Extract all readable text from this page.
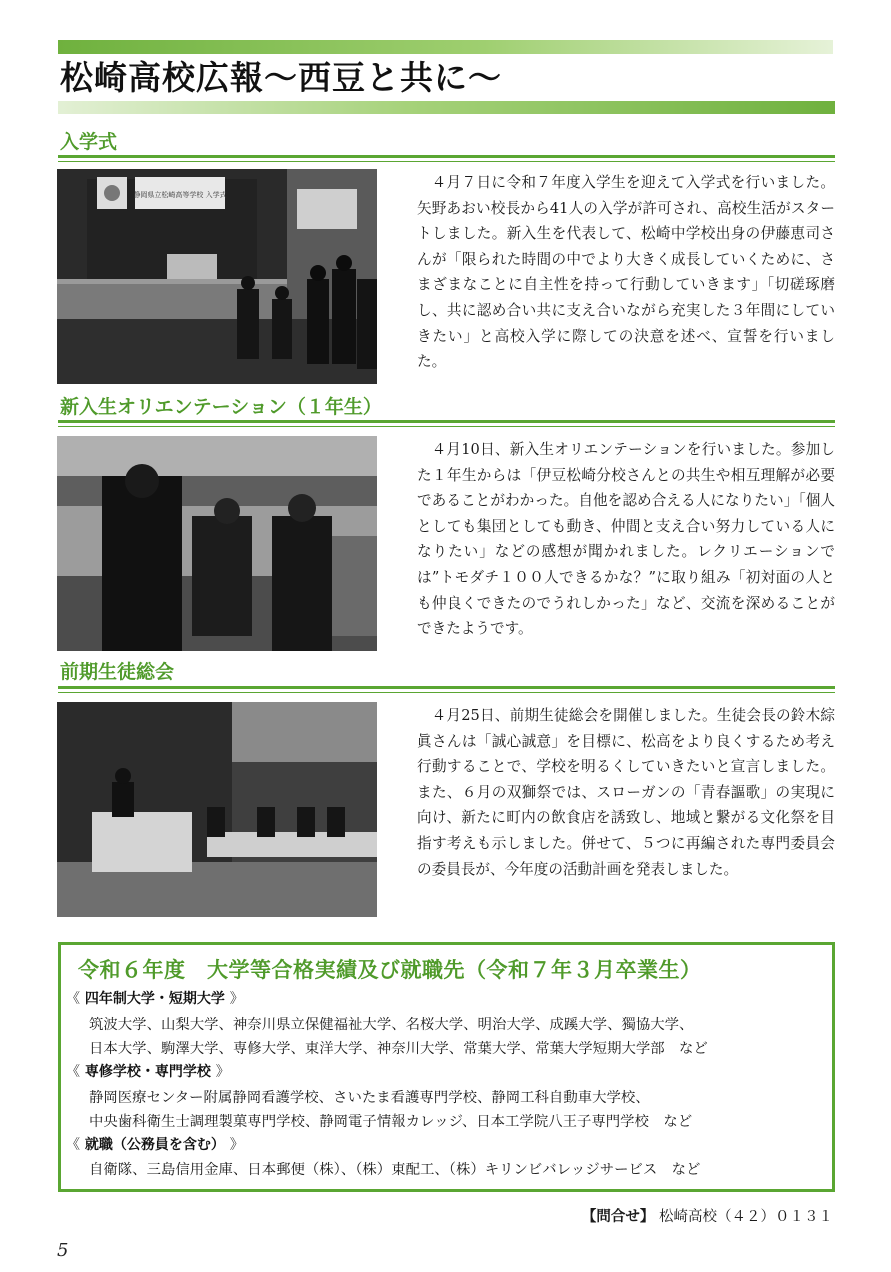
松崎高校広報～西豆と共に～
入学式
静岡県立松崎高等学校 入学式

４月７日に令和７年度入学生を迎えて入学式を行いました。矢野あおい校長から41人の入学が許可され、高校生活がスタートしました。新入生を代表して、松崎中学校出身の伊藤恵司さんが「限られた時間の中でより大きく成長していくために、さまざまなことに自主性を持って行動していきます」「切磋琢磨し、共に認め合い共に支え合いながら充実した３年間にしていきたい」と高校入学に際しての決意を述べ、宣誓を行いました。

新入生オリエンテーション（１年生）

４月10日、新入生オリエンテーションを行いました。参加した１年生からは「伊豆松崎分校さんとの共生や相互理解が必要であることがわかった。自他を認め合える人になりたい」「個人としても集団としても動き、仲間と支え合い努力している人になりたい」などの感想が聞かれました。レクリエーションでは”トモダチ１００人できるかな？”に取り組み「初対面の人とも仲良くできたのでうれしかった」など、交流を深めることができたようです。

前期生徒総会

４月25日、前期生徒総会を開催しました。生徒会長の鈴木綜眞さんは「誠心誠意」を目標に、松高をより良くするため考え行動することで、学校を明るくしていきたいと宣言しました。また、６月の双獅祭では、スローガンの「青春謳歌」の実現に向け、新たに町内の飲食店を誘致し、地域と繋がる文化祭を目指す考えも示しました。併せて、５つに再編された専門委員会の委員長が、今年度の活動計画を発表しました。

令和６年度　大学等合格実績及び就職先（令和７年３月卒業生）
《 四年制大学・短期大学 》
筑波大学、山梨大学、神奈川県立保健福祉大学、名桜大学、明治大学、成蹊大学、獨協大学、
日本大学、駒澤大学、専修大学、東洋大学、神奈川大学、常葉大学、常葉大学短期大学部　など
《 専修学校・専門学校 》
静岡医療センター附属静岡看護学校、さいたま看護専門学校、静岡工科自動車大学校、
中央歯科衛生士調理製菓専門学校、静岡電子情報カレッジ、日本工学院八王子専門学校　など
《 就職（公務員を含む） 》
自衛隊、三島信用金庫、日本郵便（株）、（株）東配工、（株）キリンビバレッジサービス　など
【問合せ】 松崎高校（４２）０１３１
5
